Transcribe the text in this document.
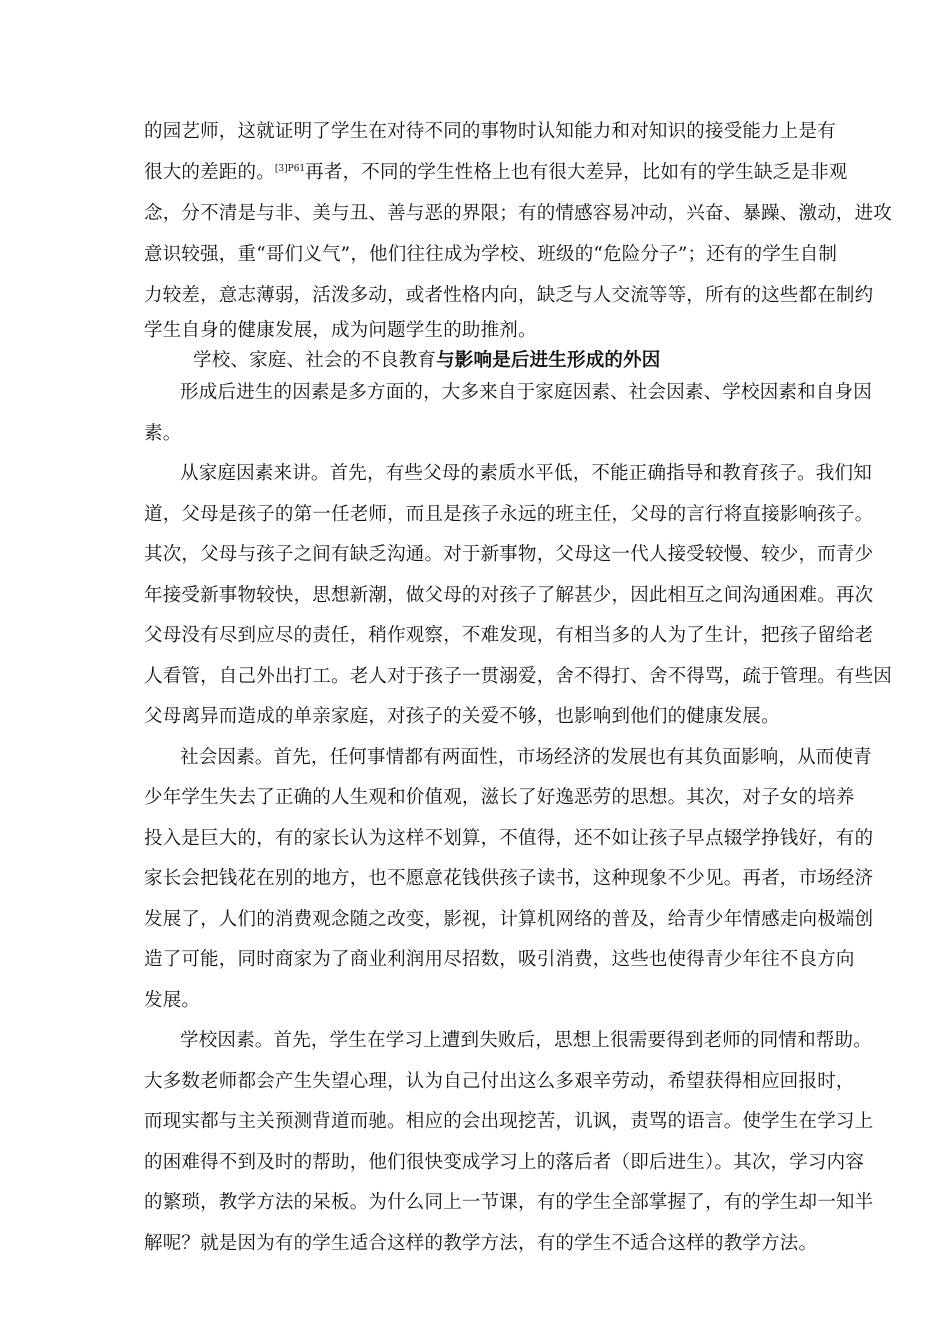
的园艺师，这就证明了学生在对待不同的事物时认知能力和对知识的接受能力上是有
很大的差距的。$^{[3]P61}$再者，不同的学生性格上也有很大差异，比如有的学生缺乏是非观
念，分不清是与非、美与丑、善与恶的界限；有的情感容易冲动，兴奋、暴躁、激动，进攻
意识较强，重“哥们义气”，他们往往成为学校、班级的“危险分子”；还有的学生自制
力较差，意志薄弱，活泼多动，或者性格内向，缺乏与人交流等等，所有的这些都在制约
学生自身的健康发展，成为问题学生的助推剂。
学校、家庭、社会的不良教育与影响是后进生形成的外因
形成后进生的因素是多方面的，大多来自于家庭因素、社会因素、学校因素和自身因
素。
从家庭因素来讲。首先，有些父母的素质水平低，不能正确指导和教育孩子。我们知
道，父母是孩子的第一任老师，而且是孩子永远的班主任，父母的言行将直接影响孩子。
其次，父母与孩子之间有缺乏沟通。对于新事物，父母这一代人接受较慢、较少，而青少
年接受新事物较快，思想新潮，做父母的对孩子了解甚少，因此相互之间沟通困难。再次
父母没有尽到应尽的责任，稍作观察，不难发现，有相当多的人为了生计，把孩子留给老
人看管，自己外出打工。老人对于孩子一贯溺爱，舍不得打、舍不得骂，疏于管理。有些因
父母离异而造成的单亲家庭，对孩子的关爱不够，也影响到他们的健康发展。
社会因素。首先，任何事情都有两面性，市场经济的发展也有其负面影响，从而使青
少年学生失去了正确的人生观和价值观，滋长了好逸恶劳的思想。其次，对子女的培养
投入是巨大的，有的家长认为这样不划算，不值得，还不如让孩子早点辍学挣钱好，有的
家长会把钱花在别的地方，也不愿意花钱供孩子读书，这种现象不少见。再者，市场经济
发展了，人们的消费观念随之改变，影视，计算机网络的普及，给青少年情感走向极端创
造了可能，同时商家为了商业利润用尽招数，吸引消费，这些也使得青少年往不良方向
发展。
学校因素。首先，学生在学习上遭到失败后，思想上很需要得到老师的同情和帮助。
大多数老师都会产生失望心理，认为自己付出这么多艰辛劳动，希望获得相应回报时，
而现实都与主关预测背道而驰。相应的会出现挖苦，讥讽，责骂的语言。使学生在学习上
的困难得不到及时的帮助，他们很快变成学习上的落后者（即后进生）。其次，学习内容
的繁琐，教学方法的呆板。为什么同上一节课，有的学生全部掌握了，有的学生却一知半
解呢？就是因为有的学生适合这样的教学方法，有的学生不适合这样的教学方法。
